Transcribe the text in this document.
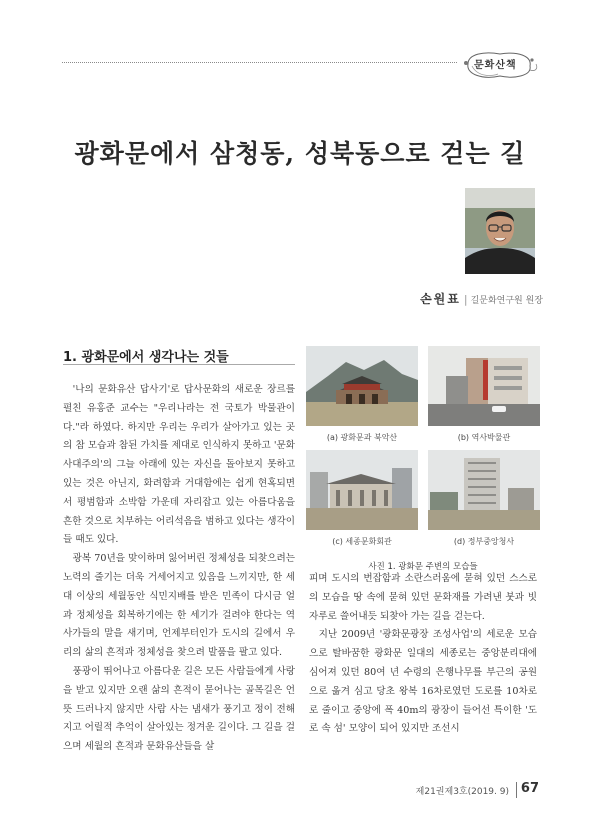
문화산책
광화문에서 삼청동, 성북동으로 걷는 길
손원표 | 길문화연구원 원장
1. 광화문에서 생각나는 것들

'나의 문화유산 답사기'로 답사문화의 새로운 장르를 펼친 유홍준 교수는 "우리나라는 전 국토가 박물관이다."라 하였다. 하지만 우리는 우리가 살아가고 있는 곳의 참 모습과 참된 가치를 제대로 인식하지 못하고 '문화사대주의'의 그늘 아래에 있는 자신을 돌아보지 못하고 있는 것은 아닌지, 화려함과 거대함에는 쉽게 현혹되면서 평범함과 소박함 가운데 자리잡고 있는 아름다움을 흔한 것으로 치부하는 어리석음을 범하고 있다는 생각이 들 때도 있다.

광복 70년을 맞이하며 잃어버린 정체성을 되찾으려는 노력의 줄기는 더욱 거세어지고 있음을 느끼지만, 한 세대 이상의 세월동안 식민지배를 받은 민족이 다시금 얼과 정체성을 회복하기에는 한 세기가 걸려야 한다는 역사가들의 말을 새기며, 언제부터인가 도시의 길에서 우리의 삶의 흔적과 정체성을 찾으려 발품을 팔고 있다.

풍광이 뛰어나고 아름다운 길은 모든 사람들에게 사랑을 받고 있지만 오랜 삶의 흔적이 묻어나는 골목길은 언뜻 드러나지 않지만 사람 사는 냄새가 풍기고 정이 전해지고 어릴적 추억이 살아있는 정겨운 길이다. 그 길을 걸으며 세월의 흔적과 문화유산들을 살

(a) 광화문과 북악산	(b) 역사박물관
(c) 세종문화회관	(d) 정부중앙청사
사진 1. 광화문 주변의 모습들

피며 도시의 번잡함과 소란스러움에 묻혀 있던 스스로의 모습을 땅 속에 묻혀 있던 문화재를 가려낸 붓과 빗자루로 쓸어내듯 되찾아 가는 길을 걷는다.

지난 2009년 '광화문광장 조성사업'의 세로운 모습으로 탈바꿈한 광화문 일대의 세종로는 중앙분리대에 심어져 있던 80여 년 수령의 은행나무를 부근의 공원으로 옮겨 심고 당초 왕복 16차로였던 도로를 10차로로 줄이고 중앙에 폭 40m의 광장이 들어선 특이한 '도로 속 섬' 모양이 되어 있지만 조선시

제21권제3호(2019. 9) 67
